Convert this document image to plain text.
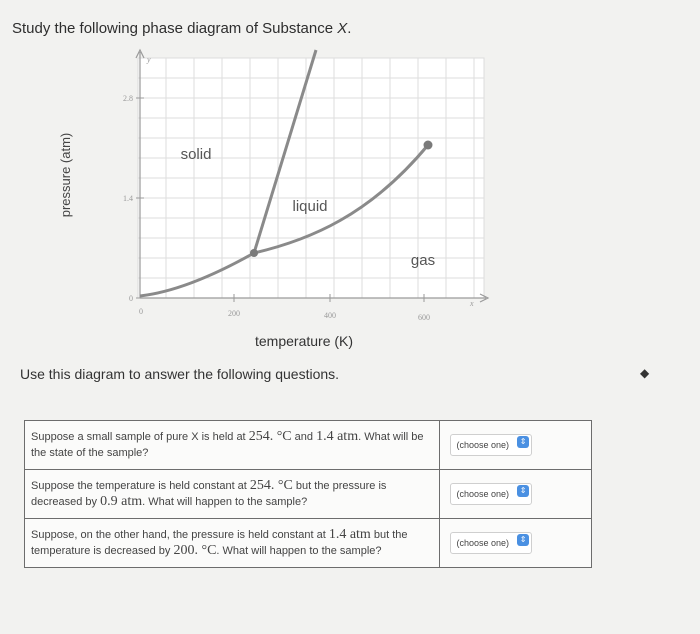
Study the following phase diagram of Substance X.
y
x
2.8
1.4
0
0	200	400	600
pressure (atm)	solid
liquid
gas
temperature (K)
Use this diagram to answer the following questions.	◆
Suppose a small sample of pure X is held at 254. °C and 1.4 atm. What will be the state of the sample?	(choose one) ⇕

Suppose the temperature is held constant at 254. °C but the pressure is decreased by 0.9 atm. What will happen to the sample?	(choose one) ⇕

Suppose, on the other hand, the pressure is held constant at 1.4 atm but the temperature is decreased by 200. °C. What will happen to the sample?	(choose one) ⇕
